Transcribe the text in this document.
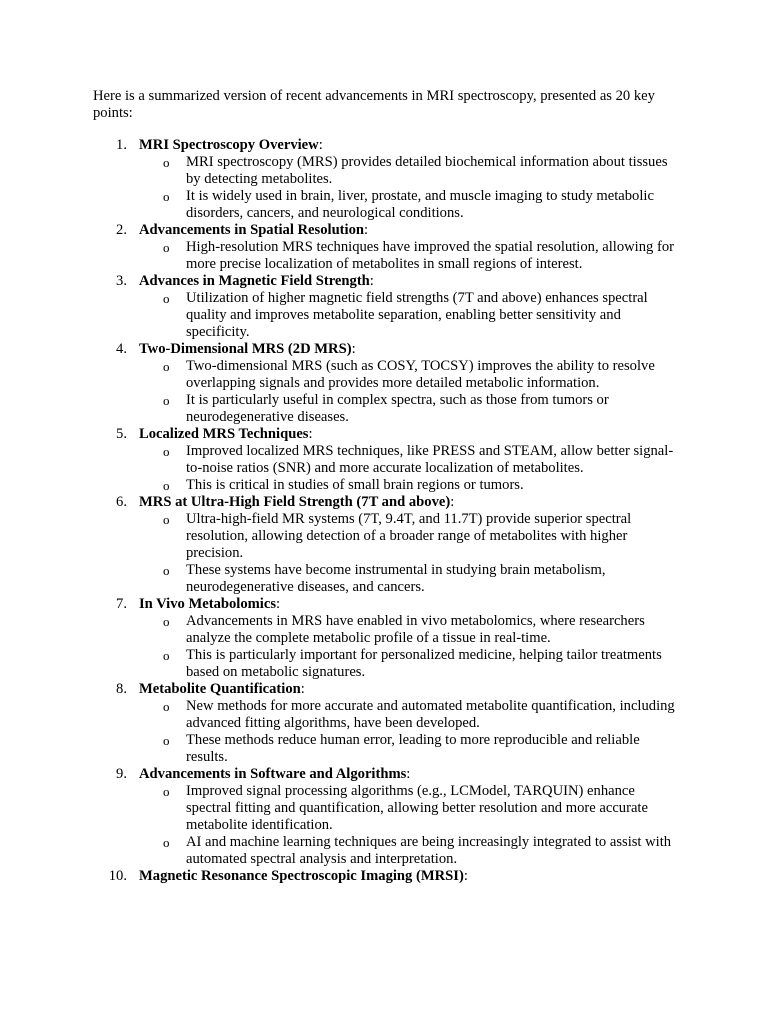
Here is a summarized version of recent advancements in MRI spectroscopy, presented as 20 key points:

1. MRI Spectroscopy Overview:
o MRI spectroscopy (MRS) provides detailed biochemical information about tissues by detecting metabolites.
o It is widely used in brain, liver, prostate, and muscle imaging to study metabolic disorders, cancers, and neurological conditions.
2. Advancements in Spatial Resolution:
o High-resolution MRS techniques have improved the spatial resolution, allowing for more precise localization of metabolites in small regions of interest.
3. Advances in Magnetic Field Strength:
o Utilization of higher magnetic field strengths (7T and above) enhances spectral quality and improves metabolite separation, enabling better sensitivity and specificity.
4. Two-Dimensional MRS (2D MRS):
o Two-dimensional MRS (such as COSY, TOCSY) improves the ability to resolve overlapping signals and provides more detailed metabolic information.
o It is particularly useful in complex spectra, such as those from tumors or neurodegenerative diseases.
5. Localized MRS Techniques:
o Improved localized MRS techniques, like PRESS and STEAM, allow better signal-to-noise ratios (SNR) and more accurate localization of metabolites.
o This is critical in studies of small brain regions or tumors.
6. MRS at Ultra-High Field Strength (7T and above):
o Ultra-high-field MR systems (7T, 9.4T, and 11.7T) provide superior spectral resolution, allowing detection of a broader range of metabolites with higher precision.
o These systems have become instrumental in studying brain metabolism, neurodegenerative diseases, and cancers.
7. In Vivo Metabolomics:
o Advancements in MRS have enabled in vivo metabolomics, where researchers analyze the complete metabolic profile of a tissue in real-time.
o This is particularly important for personalized medicine, helping tailor treatments based on metabolic signatures.
8. Metabolite Quantification:
o New methods for more accurate and automated metabolite quantification, including advanced fitting algorithms, have been developed.
o These methods reduce human error, leading to more reproducible and reliable results.
9. Advancements in Software and Algorithms:
o Improved signal processing algorithms (e.g., LCModel, TARQUIN) enhance spectral fitting and quantification, allowing better resolution and more accurate metabolite identification.
o AI and machine learning techniques are being increasingly integrated to assist with automated spectral analysis and interpretation.
10. Magnetic Resonance Spectroscopic Imaging (MRSI):
